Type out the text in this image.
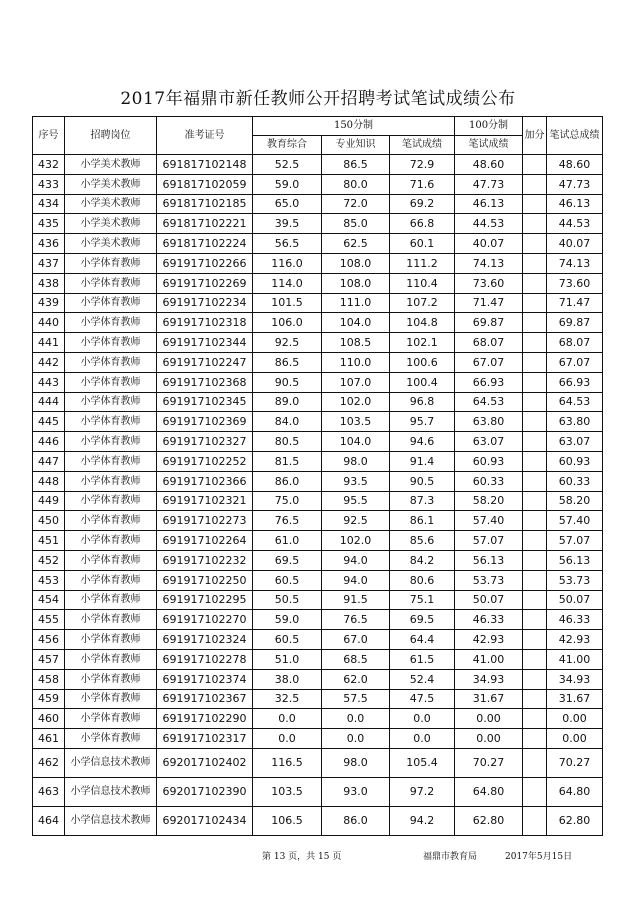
2017年福鼎市新任教师公开招聘考试笔试成绩公布
序号	招聘岗位	准考证号	150分制			100分制	加分	笔试总成绩
			教育综合	专业知识	笔试成绩	笔试成绩		
432	小学美术教师	691817102148	52.5	86.5	72.9	48.60		48.60
433	小学美术教师	691817102059	59.0	80.0	71.6	47.73		47.73
434	小学美术教师	691817102185	65.0	72.0	69.2	46.13		46.13
435	小学美术教师	691817102221	39.5	85.0	66.8	44.53		44.53
436	小学美术教师	691817102224	56.5	62.5	60.1	40.07		40.07
437	小学体育教师	691917102266	116.0	108.0	111.2	74.13		74.13
438	小学体育教师	691917102269	114.0	108.0	110.4	73.60		73.60
439	小学体育教师	691917102234	101.5	111.0	107.2	71.47		71.47
440	小学体育教师	691917102318	106.0	104.0	104.8	69.87		69.87
441	小学体育教师	691917102344	92.5	108.5	102.1	68.07		68.07
442	小学体育教师	691917102247	86.5	110.0	100.6	67.07		67.07
443	小学体育教师	691917102368	90.5	107.0	100.4	66.93		66.93
444	小学体育教师	691917102345	89.0	102.0	96.8	64.53		64.53
445	小学体育教师	691917102369	84.0	103.5	95.7	63.80		63.80
446	小学体育教师	691917102327	80.5	104.0	94.6	63.07		63.07
447	小学体育教师	691917102252	81.5	98.0	91.4	60.93		60.93
448	小学体育教师	691917102366	86.0	93.5	90.5	60.33		60.33
449	小学体育教师	691917102321	75.0	95.5	87.3	58.20		58.20
450	小学体育教师	691917102273	76.5	92.5	86.1	57.40		57.40
451	小学体育教师	691917102264	61.0	102.0	85.6	57.07		57.07
452	小学体育教师	691917102232	69.5	94.0	84.2	56.13		56.13
453	小学体育教师	691917102250	60.5	94.0	80.6	53.73		53.73
454	小学体育教师	691917102295	50.5	91.5	75.1	50.07		50.07
455	小学体育教师	691917102270	59.0	76.5	69.5	46.33		46.33
456	小学体育教师	691917102324	60.5	67.0	64.4	42.93		42.93
457	小学体育教师	691917102278	51.0	68.5	61.5	41.00		41.00
458	小学体育教师	691917102374	38.0	62.0	52.4	34.93		34.93
459	小学体育教师	691917102367	32.5	57.5	47.5	31.67		31.67
460	小学体育教师	691917102290	0.0	0.0	0.0	0.00		0.00
461	小学体育教师	691917102317	0.0	0.0	0.0	0.00		0.00
462	小学信息技术教师	692017102402	116.5	98.0	105.4	70.27		70.27
463	小学信息技术教师	692017102390	103.5	93.0	97.2	64.80		64.80
464	小学信息技术教师	692017102434	106.5	86.0	94.2	62.80		62.80
第 13 页，共 15 页	福鼎市教育局	2017年5月15日
